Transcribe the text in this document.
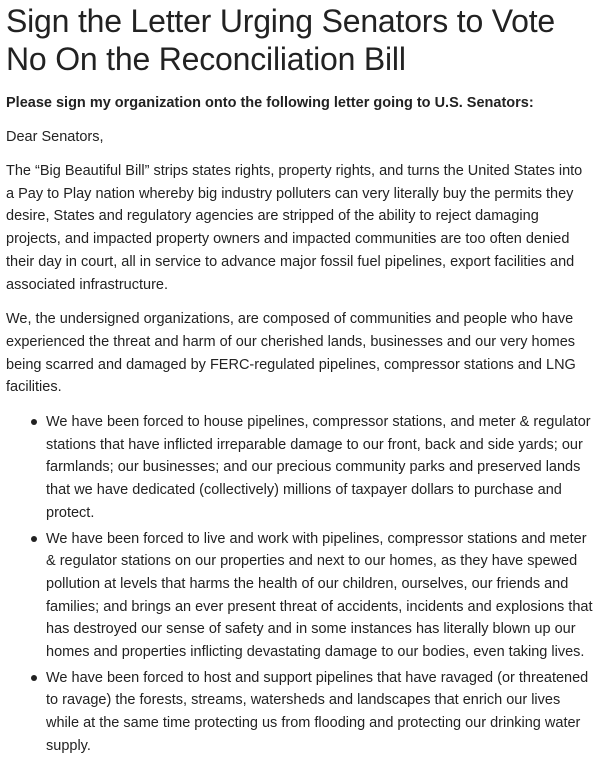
Sign the Letter Urging Senators to Vote No On the Reconciliation Bill

Please sign my organization onto the following letter going to U.S. Senators:

Dear Senators,

The “Big Beautiful Bill” strips states rights, property rights, and turns the United States into a Pay to Play nation whereby big industry polluters can very literally buy the permits they desire, States and regulatory agencies are stripped of the ability to reject damaging projects, and impacted property owners and impacted communities are too often denied their day in court, all in service to advance major fossil fuel pipelines, export facilities and associated infrastructure.

We, the undersigned organizations, are composed of communities and people who have experienced the threat and harm of our cherished lands, businesses and our very homes being scarred and damaged by FERC-regulated pipelines, compressor stations and LNG facilities.

We have been forced to house pipelines, compressor stations, and meter & regulator stations that have inflicted irreparable damage to our front, back and side yards; our farmlands; our businesses; and our precious community parks and preserved lands that we have dedicated (collectively) millions of taxpayer dollars to purchase and protect.
We have been forced to live and work with pipelines, compressor stations and meter & regulator stations on our properties and next to our homes, as they have spewed pollution at levels that harms the health of our children, ourselves, our friends and families; and brings an ever present threat of accidents, incidents and explosions that has destroyed our sense of safety and in some instances has literally blown up our homes and properties inflicting devastating damage to our bodies, even taking lives.
We have been forced to host and support pipelines that have ravaged (or threatened to ravage) the forests, streams, watersheds and landscapes that enrich our lives while at the same time protecting us from flooding and protecting our drinking water supply.
